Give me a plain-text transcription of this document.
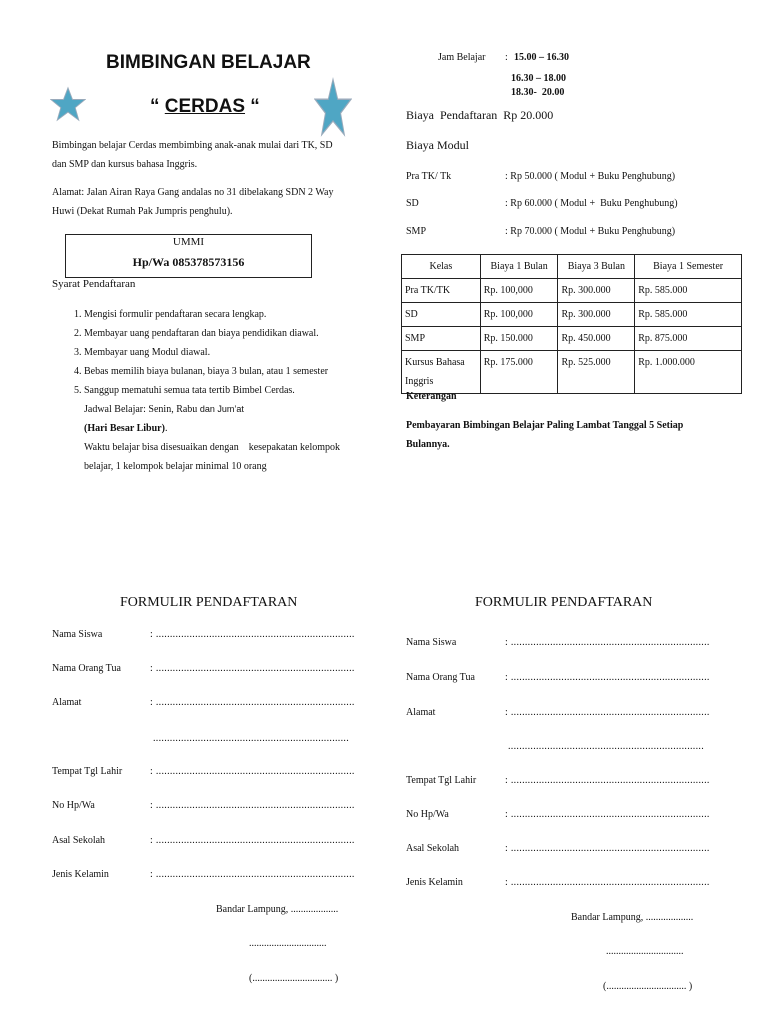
BIMBINGAN BELAJAR
“ CERDAS “
Bimbingan belajar Cerdas membimbing anak-anak mulai dari TK, SD
dan SMP dan kursus bahasa Inggris.
Alamat: Jalan Airan Raya Gang andalas no 31 dibelakang SDN 2 Way
Huwi (Dekat Rumah Pak Jumpris penghulu).
UMMI
Hp/Wa 085378573156
Syarat Pendaftaran
1. Mengisi formulir pendaftaran secara lengkap.
2. Membayar uang pendaftaran dan biaya pendidikan diawal.
3. Membayar uang Modul diawal.
4. Bebas memilih biaya bulanan, biaya 3 bulan, atau 1 semester
5. Sanggup mematuhi semua tata tertib Bimbel Cerdas.
Jadwal Belajar: Senin, Rabu dan Jum’at
(Hari Besar Libur).
Waktu belajar bisa disesuaikan dengan    kesepakatan kelompok
belajar, 1 kelompok belajar minimal 10 orang
Jam Belajar : 15.00 – 16.30
16.30 – 18.00
18.30-  20.00
Biaya  Pendaftaran  Rp 20.000
Biaya Modul
Pra TK/ Tk	: Rp 50.000 ( Modul + Buku Penghubung)
SD	: Rp 60.000 ( Modul +  Buku Penghubung)
SMP	: Rp 70.000 ( Modul + Buku Penghubung)
Kelas	Biaya 1 Bulan	Biaya 3 Bulan	Biaya 1 Semester
Pra TK/TK	Rp. 100,000	Rp. 300.000	Rp. 585.000
SD	Rp. 100,000	Rp. 300.000	Rp. 585.000
SMP	Rp. 150.000	Rp. 450.000	Rp. 875.000
Kursus Bahasa Inggris	Rp. 175.000	Rp. 525.000	Rp. 1.000.000
Keterangan
Pembayaran Bimbingan Belajar Paling Lambat Tanggal 5 Setiap Bulannya.
FORMULIR PENDAFTARAN
Nama Siswa	: .......................................................................
Nama Orang Tua	: .......................................................................
Alamat	: .......................................................................
......................................................................
Tempat Tgl Lahir	: .......................................................................
No Hp/Wa	: .......................................................................
Asal Sekolah	: .......................................................................
Jenis Kelamin	: .......................................................................
Bandar Lampung, ...................
...............................
(................................ )
FORMULIR PENDAFTARAN
Nama Siswa	: .......................................................................
Nama Orang Tua	: .......................................................................
Alamat	: .......................................................................
......................................................................
Tempat Tgl Lahir	: .......................................................................
No Hp/Wa	: .......................................................................
Asal Sekolah	: .......................................................................
Jenis Kelamin	: .......................................................................
Bandar Lampung, ...................
...............................
(................................ )
